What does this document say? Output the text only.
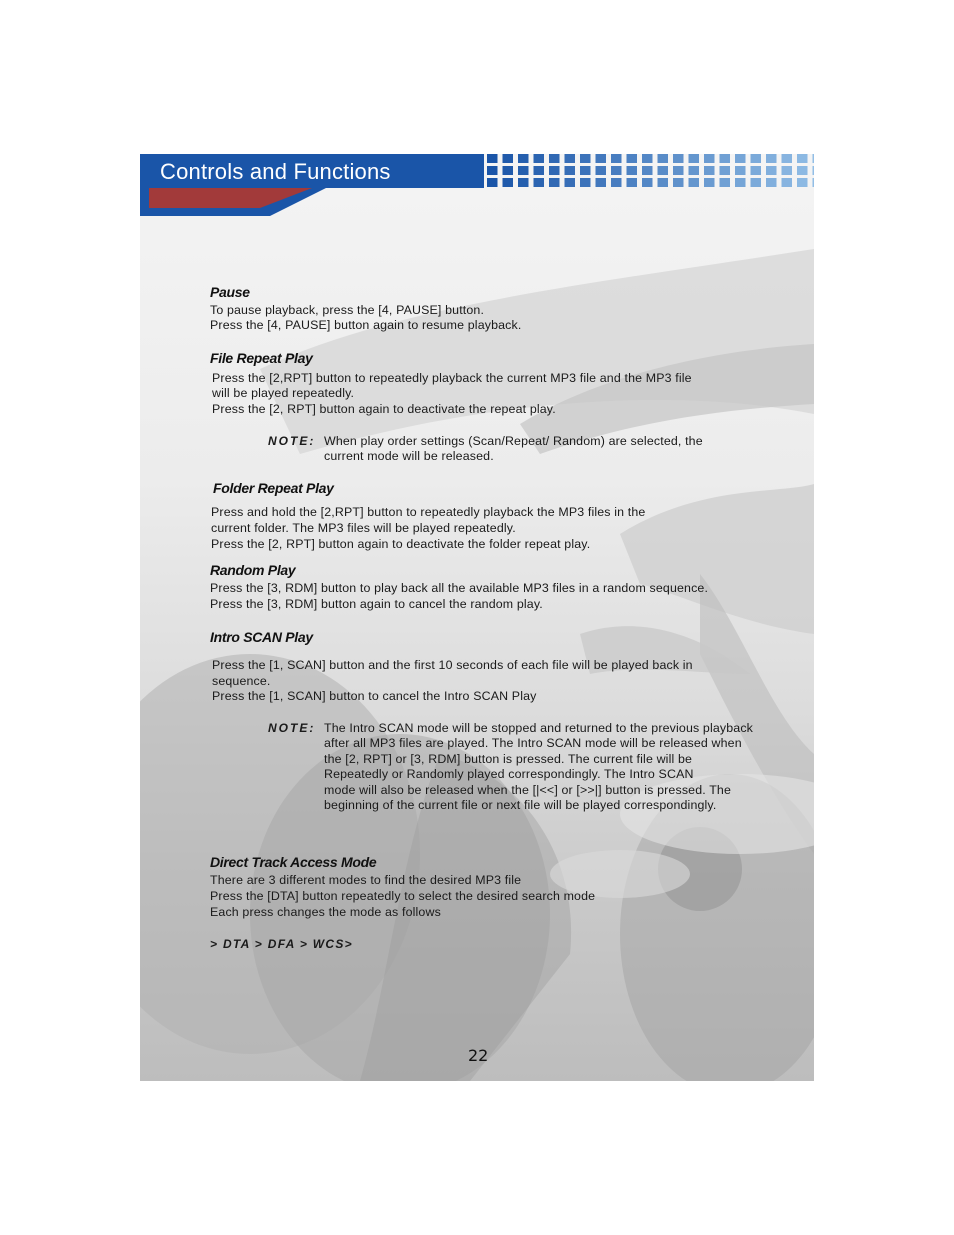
Controls and Functions
Pause
To pause playback, press the [4, PAUSE] button.
Press the [4, PAUSE] button again to resume playback.
File Repeat Play
Press the [2,RPT] button to repeatedly playback the current MP3 file and the MP3 file
will be played repeatedly.
Press the [2, RPT] button again to deactivate the repeat play.
NOTE: When play order settings (Scan/Repeat/ Random) are selected, the
current mode will be released.
Folder Repeat Play
Press and hold the [2,RPT] button to repeatedly playback the MP3 files in the
current folder. The MP3 files will be played repeatedly.
Press the [2, RPT] button again to deactivate the folder repeat play.
Random Play
Press the [3, RDM] button to play back all the available MP3 files in a random sequence.
Press the [3, RDM] button again to cancel the random play.
Intro SCAN Play
Press the [1, SCAN] button and the first 10 seconds of each file will be played back in
sequence.
Press the [1, SCAN] button to cancel the Intro SCAN Play
NOTE: The Intro SCAN mode will be stopped and returned to the previous playback
after all MP3 files are played. The Intro SCAN mode will be released when
the [2, RPT] or [3, RDM] button is pressed. The current file will be
Repeatedly or Randomly played correspondingly. The Intro SCAN
mode will also be released when the [|<<] or [>>|] button is pressed. The
beginning of the current file or next file will be played correspondingly.
Direct Track Access Mode
There are 3 different modes to find the desired MP3 file
Press the [DTA] button repeatedly to select the desired search mode
Each press changes the mode as follows
> DTA > DFA > WCS>
22
